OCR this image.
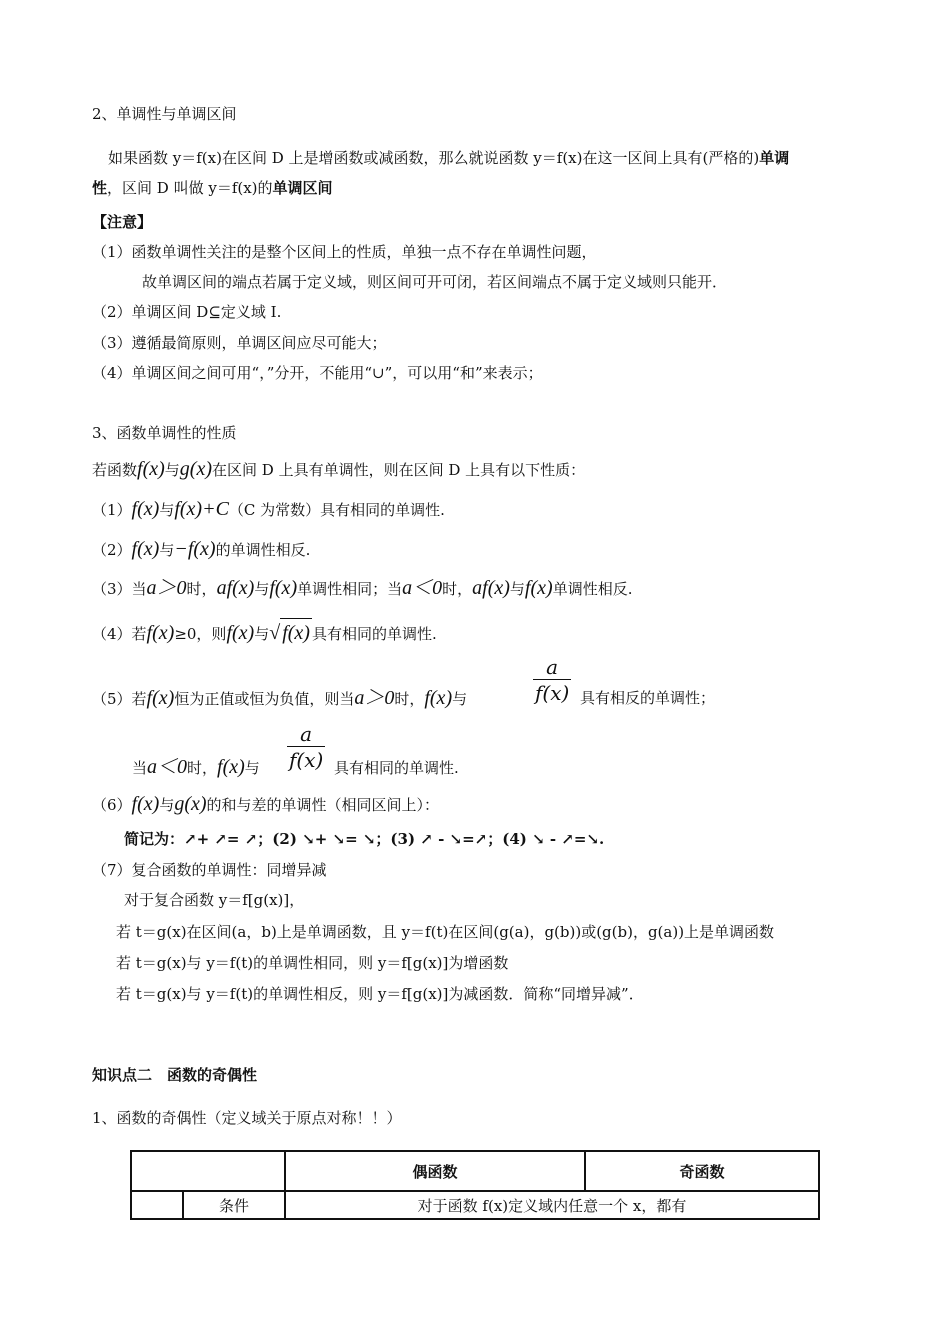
2、单调性与单调区间
如果函数 y＝f(x)在区间 D 上是增函数或减函数，那么就说函数 y＝f(x)在这一区间上具有(严格的)单调
性，区间 D 叫做 y＝f(x)的单调区间
【注意】
（1）函数单调性关注的是整个区间上的性质，单独一点不存在单调性问题，
故单调区间的端点若属于定义域，则区间可开可闭，若区间端点不属于定义域则只能开．
（2）单调区间 D⊆定义域 I.
（3）遵循最简原则，单调区间应尽可能大；
（4）单调区间之间可用“，”分开，不能用“∪”，可以用“和”来表示；
3、函数单调性的性质
若函数f(x)与g(x)在区间 D 上具有单调性，则在区间 D 上具有以下性质：
（1）f(x)与f(x)+C（C 为常数）具有相同的单调性.
（2）f(x)与−f(x)的单调性相反.
（3）当a＞0时，af(x)与f(x)单调性相同；当a＜0时，af(x)与f(x)单调性相反.
（4）若f(x)≥0，则f(x)与√ f(x) 具有相同的单调性.
（5）若f(x)恒为正值或恒为负值，则当a＞0时，f(x)与	$\frac{a}{f(x)}$ 具有相反的单调性；
$\frac{a}{f(x)}$
当a＜0时，f(x)与	具有相同的单调性.
（6）f(x)与g(x)的和与差的单调性（相同区间上）：
简记为：↗+ ↗= ↗；(2) ↘+ ↘= ↘；(3) ↗ - ↘=↗；(4) ↘ - ↗=↘.
（7）复合函数的单调性：同增异减
对于复合函数 y＝f[g(x)]，
若 t＝g(x)在区间(a，b)上是单调函数，且 y＝f(t)在区间(g(a)，g(b))或(g(b)，g(a))上是单调函数
若 t＝g(x)与 y＝f(t)的单调性相同，则 y＝f[g(x)]为增函数
若 t＝g(x)与 y＝f(t)的单调性相反，则 y＝f[g(x)]为减函数．简称“同增异减”．
知识点二　函数的奇偶性
1、函数的奇偶性（定义域关于原点对称！！）
		偶函数	奇函数
	条件	对于函数 f(x)定义域内任意一个 x，都有	
